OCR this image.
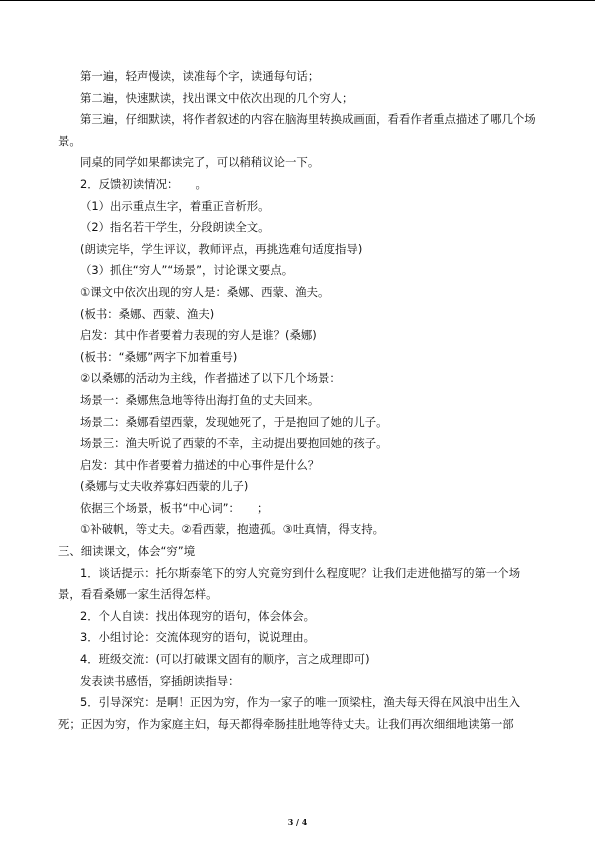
第一遍，轻声慢读，读准每个字，读通每句话；

第二遍，快速默读，找出课文中依次出现的几个穷人；

第三遍，仔细默读，将作者叙述的内容在脑海里转换成画面，看看作者重点描述了哪几个场景。

同桌的同学如果都读完了，可以稍稍议论一下。

2．反馈初读情况：　　。

（1）出示重点生字，着重正音析形。

（2）指名若干学生，分段朗读全文。

(朗读完毕，学生评议，教师评点，再挑选难句适度指导)

（3）抓住“穷人”“场景”，讨论课文要点。

①课文中依次出现的穷人是：桑娜、西蒙、渔夫。

(板书：桑娜、西蒙、渔夫)

启发：其中作者要着力表现的穷人是谁？(桑娜)

(板书：“桑娜”两字下加着重号)

②以桑娜的活动为主线，作者描述了以下几个场景：

场景一：桑娜焦急地等待出海打鱼的丈夫回来。

场景二：桑娜看望西蒙，发现她死了，于是抱回了她的儿子。

场景三：渔夫听说了西蒙的不幸，主动提出要抱回她的孩子。

启发：其中作者要着力描述的中心事件是什么？

(桑娜与丈夫收养寡妇西蒙的儿子)

依据三个场景，板书“中心词”：　　；

①补破帆，等丈夫。②看西蒙，抱遗孤。③吐真情，得支持。

三、细读课文，体会“穷”境

1．谈话提示：托尔斯泰笔下的穷人究竟穷到什么程度呢？让我们走进他描写的第一个场景，看看桑娜一家生活得怎样。

2．个人自读：找出体现穷的语句，体会体会。

3．小组讨论：交流体现穷的语句，说说理由。

4．班级交流：(可以打破课文固有的顺序，言之成理即可)

发表读书感悟，穿插朗读指导：

5．引导深究：是啊！正因为穷，作为一家子的唯一顶梁柱，渔夫每天得在风浪中出生入死；正因为穷，作为家庭主妇，每天都得牵肠挂肚地等待丈夫。让我们再次细细地读第一部

3 / 4
